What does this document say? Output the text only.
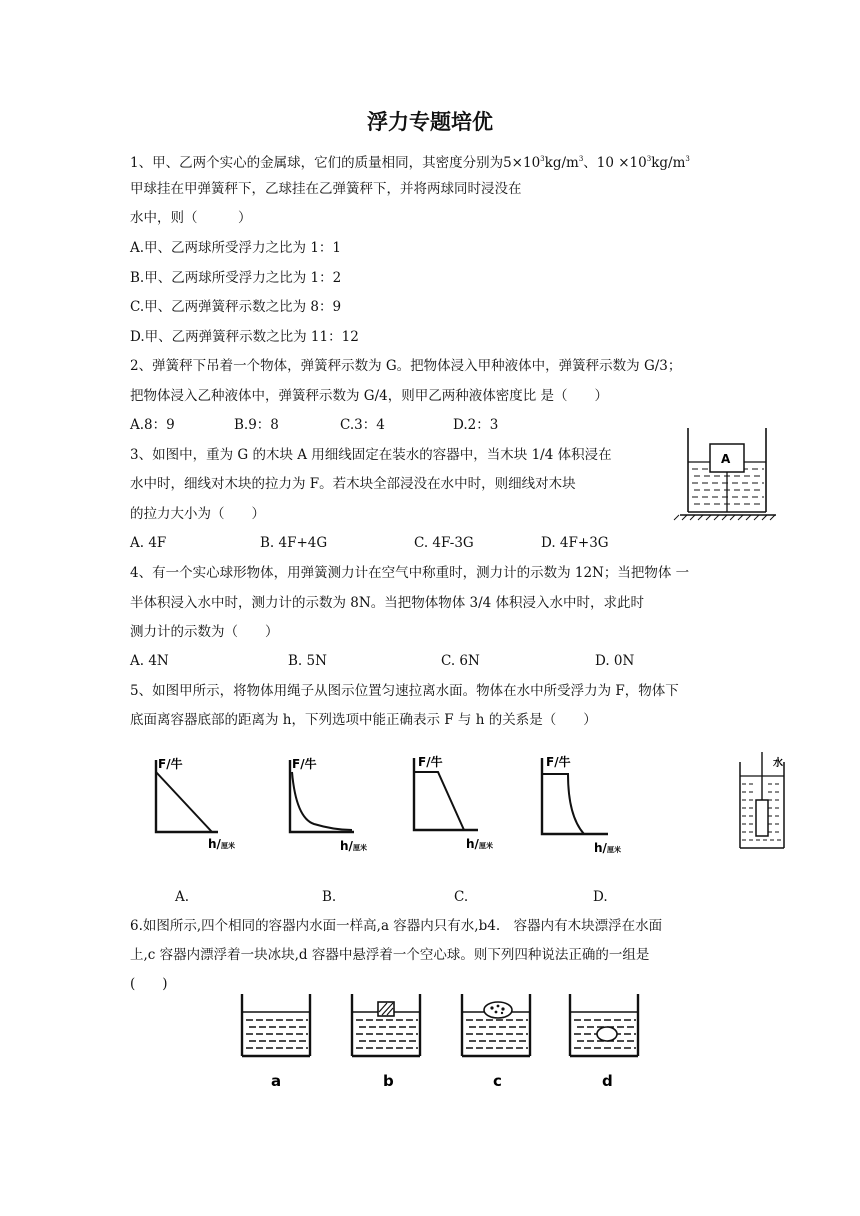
浮力专题培优
1、甲、乙两个实心的金属球，它们的质量相同，其密度分别为$5\times 10^3kg/m^3$、$10 \times 10^3kg/m^3$
甲球挂在甲弹簧秤下，乙球挂在乙弹簧秤下，并将两球同时浸没在
水中，则（　　　）
A.甲、乙两球所受浮力之比为 1：1
B.甲、乙两球所受浮力之比为 1：2
C.甲、乙两弹簧秤示数之比为 8：9
D.甲、乙两弹簧秤示数之比为 11：12
2、弹簧秤下吊着一个物体，弹簧秤示数为 G。把物体浸入甲种液体中，弹簧秤示数为 G/3；
把物体浸入乙种液体中，弹簧秤示数为 G/4，则甲乙两种液体密度比 是（　　）
A.8：9	B.9：8	C.3：4	D.2：3
3、如图中，重为 G 的木块 A 用细线固定在装水的容器中，当木块 1/4 体积浸在
水中时，细线对木块的拉力为 F。若木块全部浸没在水中时，则细线对木块
的拉力大小为（　　）
A. 4F	B. 4F+4G	C. 4F-3G	D. 4F+3G
A
4、有一个实心球形物体，用弹簧测力计在空气中称重时，测力计的示数为 12N；当把物体 一
半体积浸入水中时，测力计的示数为 8N。当把物体物体 3/4 体积浸入水中时，求此时
测力计的示数为（　　）
A. 4N	B. 5N	C. 6N	D. 0N
5、如图甲所示，将物体用绳子从图示位置匀速拉离水面。物体在水中所受浮力为 F，物体下
底面离容器底部的距离为 h，下列选项中能正确表示 F 与 h 的关系是（　　）
F/牛
h/ 厘米
F/牛
h/ 厘米
F/牛
h/ 厘米
F/牛
h/ 厘米
水
A.	B.	C.	D.
6.如图所示,四个相同的容器内水面一样高,a 容器内只有水,b4.　容器内有木块漂浮在水面
上,c 容器内漂浮着一块冰块,d 容器中悬浮着一个空心球。则下列四种说法正确的一组是
(　　)
a	b	c	d
